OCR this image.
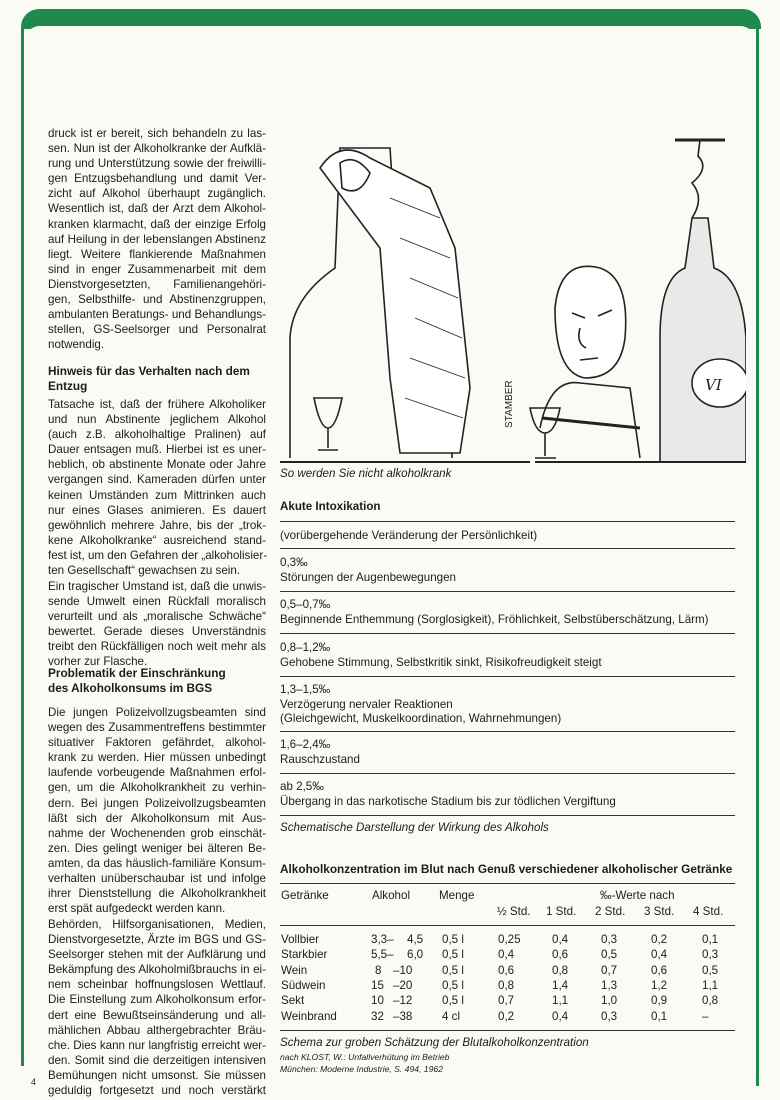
druck ist er bereit, sich behandeln zu las-
sen. Nun ist der Alkoholkranke der Aufklä-
rung und Unterstützung sowie der freiwilli-
gen Entzugsbehandlung und damit Ver-
zicht auf Alkohol überhaupt zugänglich.
Wesentlich ist, daß der Arzt dem Alkohol-
kranken klarmacht, daß der einzige Erfolg
auf Heilung in der lebenslangen Abstinenz
liegt. Weitere flankierende Maßnahmen
sind in enger Zusammenarbeit mit dem
Dienstvorgesetzten, Familienangehöri-
gen, Selbsthilfe- und Abstinenzgruppen,
ambulanten Beratungs- und Behandlungs-
stellen, GS-Seelsorger und Personalrat
notwendig.
Hinweis für das Verhalten nach dem
Entzug
Tatsache ist, daß der frühere Alkoholiker
und nun Abstinente jeglichem Alkohol
(auch z.B. alkoholhaltige Pralinen) auf
Dauer entsagen muß. Hierbei ist es uner-
heblich, ob abstinente Monate oder Jahre
vergangen sind. Kameraden dürfen unter
keinen Umständen zum Mittrinken auch
nur eines Glases animieren. Es dauert
gewöhnlich mehrere Jahre, bis der „trok-
kene Alkoholkranke“ ausreichend stand-
fest ist, um den Gefahren der „alkoholisier-
ten Gesellschaft“ gewachsen zu sein.
Ein tragischer Umstand ist, daß die unwis-
sende Umwelt einen Rückfall moralisch
verurteilt und als „moralische Schwäche“
bewertet. Gerade dieses Unverständnis
treibt den Rückfälligen noch weit mehr als
vorher zur Flasche.
Problematik der Einschränkung
des Alkoholkonsums im BGS
Die jungen Polizeivollzugsbeamten sind
wegen des Zusammentreffens bestimmter
situativer Faktoren gefährdet, alkohol-
krank zu werden. Hier müssen unbedingt
laufende vorbeugende Maßnahmen erfol-
gen, um die Alkoholkrankheit zu verhin-
dern. Bei jungen Polizeivollzugsbeamten
läßt sich der Alkoholkonsum mit Aus-
nahme der Wochenenden grob einschät-
zen. Dies gelingt weniger bei älteren Be-
amten, da das häuslich-familiäre Konsum-
verhalten unüberschaubar ist und infolge
ihrer Dienststellung die Alkoholkrankheit
erst spät aufgedeckt werden kann.
Behörden, Hilfsorganisationen, Medien,
Dienstvorgesetzte, Ärzte im BGS und GS-
Seelsorger stehen mit der Aufklärung und
Bekämpfung des Alkoholmißbrauchs in ei-
nem scheinbar hoffnungslosen Wettlauf.
Die Einstellung zum Alkoholkonsum erfor-
dert eine Bewußtseinsänderung und all-
mählichen Abbau althergebrachter Bräu-
che. Dies kann nur langfristig erreicht wer-
den. Somit sind die derzeitigen intensiven
Bemühungen nicht umsonst. Sie müssen
geduldig fortgesetzt und noch verstärkt
4
VI
STAMBER
So werden Sie nicht alkoholkrank
Akute Intoxikation
(vorübergehende Veränderung der Persönlichkeit)
0,3‰
Störungen der Augenbewegungen
0,5–0,7‰
Beginnende Enthemmung (Sorglosigkeit), Fröhlichkeit, Selbstüberschätzung, Lärm)
0,8–1,2‰
Gehobene Stimmung, Selbstkritik sinkt, Risikofreudigkeit steigt
1,3–1,5‰
Verzögerung nervaler Reaktionen
(Gleichgewicht, Muskelkoordination, Wahrnehmungen)
1,6–2,4‰
Rauschzustand
ab 2,5‰
Übergang in das narkotische Stadium bis zur tödlichen Vergiftung
Schematische Darstellung der Wirkung des Alkohols
Alkoholkonzentration im Blut nach Genuß verschiedener alkoholischer Getränke
Getränke	Alkohol Menge	‰-Werte nach
½ Std. 1 Std. 2 Std. 3 Std. 4 Std.
Vollbier	3,3– 4,5 0,5 l	0,25	0,4	0,3	0,2	0,1
Starkbier	5,5– 6,0 0,5 l	0,4	0,6	0,5	0,4	0,3
Wein	8 –10	0,5 l	0,6	0,8	0,7	0,6	0,5
Südwein	15 –20	0,5 l	0,8	1,4	1,3	1,2	1,1
Sekt	10 –12	0,5 l	0,7	1,1	1,0	0,9	0,8
Weinbrand	32 –38	4 cl	0,2	0,4	0,3	0,1	–
Schema zur groben Schätzung der Blutalkoholkonzentration
nach KLOST, W.: Unfallverhütung im Betrieb
München: Moderne Industrie, S. 494, 1962
